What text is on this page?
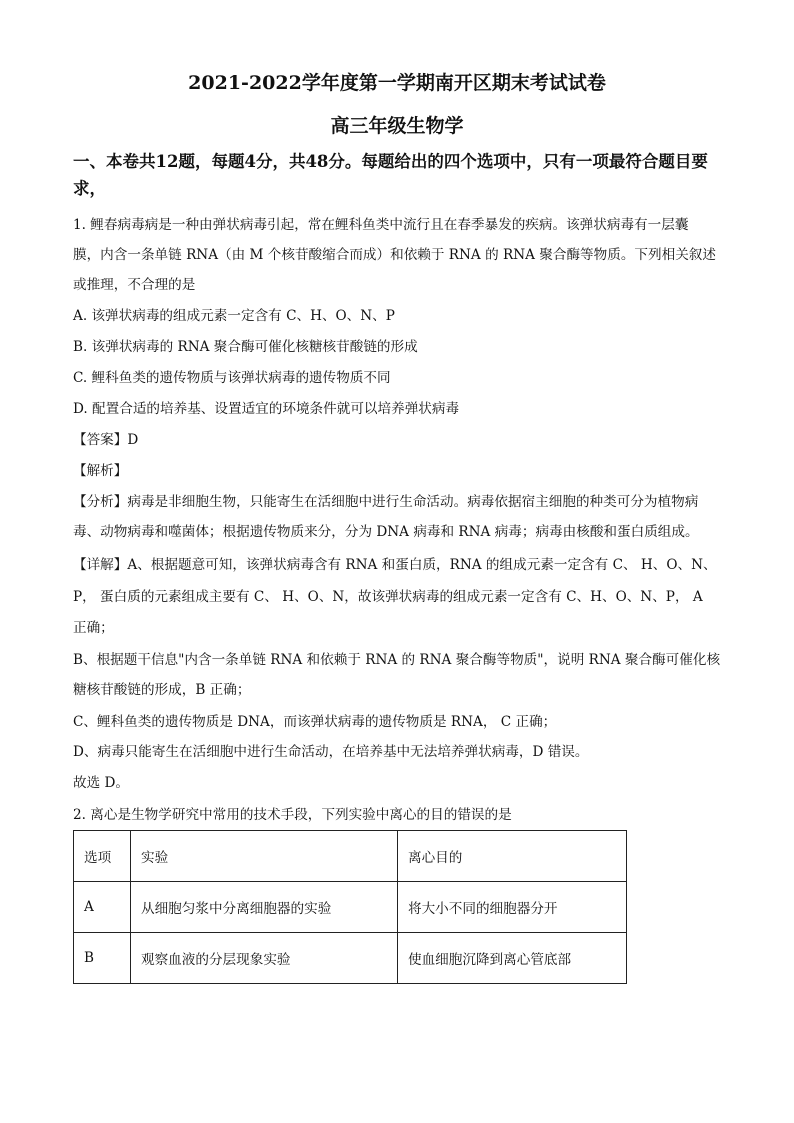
2021-2022学年度第一学期南开区期末考试试卷
高三年级生物学
一、本卷共12题，每题4分，共48分。每题给出的四个选项中，只有一项最符合题目要求，
1. 鲤春病毒病是一种由弹状病毒引起，常在鲤科鱼类中流行且在春季暴发的疾病。该弹状病毒有一层囊
膜，内含一条单链 RNA（由 M 个核苷酸缩合而成）和依赖于 RNA 的 RNA 聚合酶等物质。下列相关叙述
或推理，不合理的是
A. 该弹状病毒的组成元素一定含有 C、H、O、N、P
B. 该弹状病毒的 RNA 聚合酶可催化核糖核苷酸链的形成
C. 鲤科鱼类的遗传物质与该弹状病毒的遗传物质不同
D. 配置合适的培养基、设置适宜的环境条件就可以培养弹状病毒
【答案】D
【解析】
【分析】病毒是非细胞生物，只能寄生在活细胞中进行生命活动。病毒依据宿主细胞的种类可分为植物病
毒、动物病毒和噬菌体；根据遗传物质来分，分为 DNA 病毒和 RNA 病毒；病毒由核酸和蛋白质组成。
【详解】A、根据题意可知，该弹状病毒含有 RNA 和蛋白质，RNA 的组成元素一定含有 C、 H、O、N、
P， 蛋白质的元素组成主要有 C、 H、O、N，故该弹状病毒的组成元素一定含有 C、H、O、N、P， A
正确；
B、根据题干信息"内含一条单链 RNA 和依赖于 RNA 的 RNA 聚合酶等物质"，说明 RNA 聚合酶可催化核
糖核苷酸链的形成，B 正确；
C、鲤科鱼类的遗传物质是 DNA，而该弹状病毒的遗传物质是 RNA， C 正确；
D、病毒只能寄生在活细胞中进行生命活动，在培养基中无法培养弹状病毒，D 错误。
故选 D。
2. 离心是生物学研究中常用的技术手段，下列实验中离心的目的错误的是
选项	实验	离心目的
A	从细胞匀浆中分离细胞器的实验	将大小不同的细胞器分开
B	观察血液的分层现象实验	使血细胞沉降到离心管底部
